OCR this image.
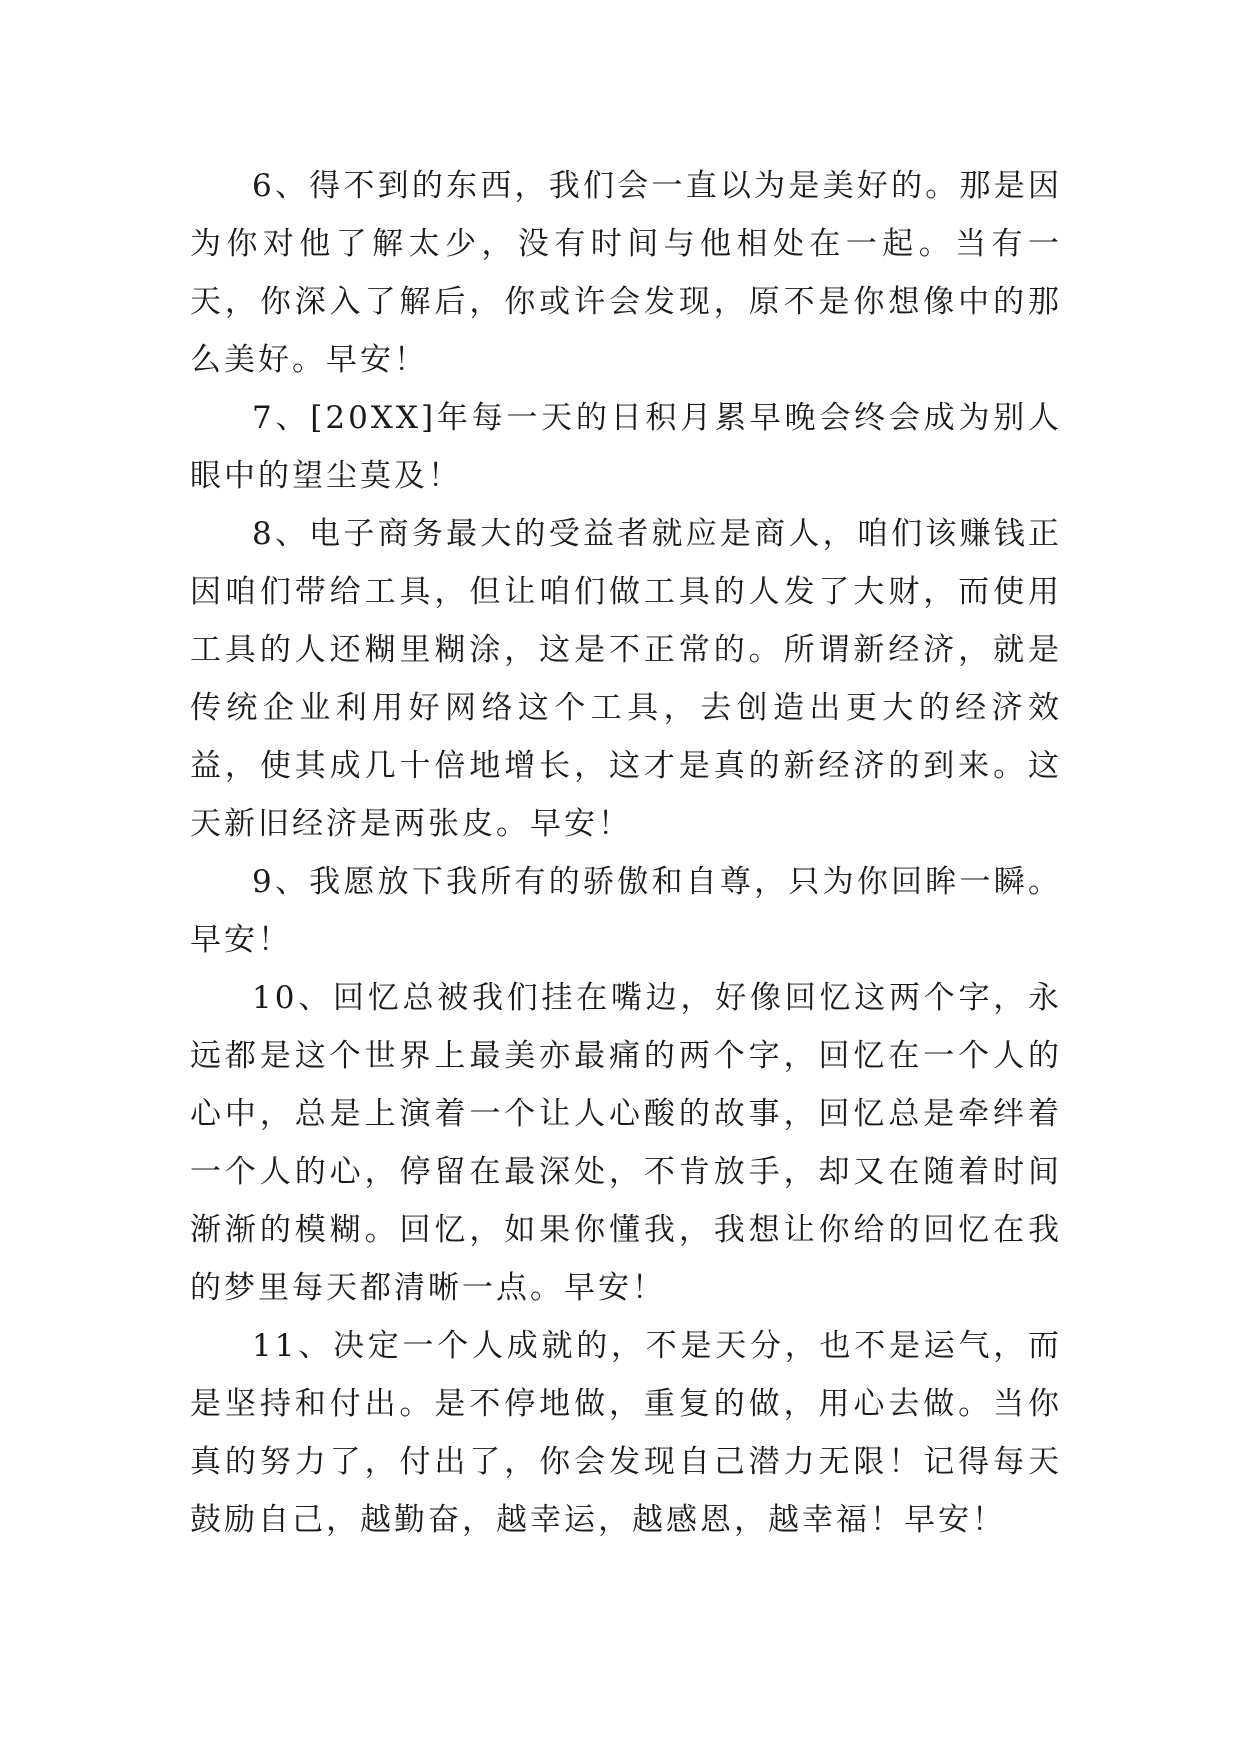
6、得不到的东西，我们会一直以为是美好的。那是因为你对他了解太少，没有时间与他相处在一起。当有一天，你深入了解后，你或许会发现，原不是你想像中的那么美好。早安！

7、[20XX]年每一天的日积月累早晚会终会成为别人眼中的望尘莫及！

8、电子商务最大的受益者就应是商人，咱们该赚钱正因咱们带给工具，但让咱们做工具的人发了大财，而使用工具的人还糊里糊涂，这是不正常的。所谓新经济，就是传统企业利用好网络这个工具，去创造出更大的经济效益，使其成几十倍地增长，这才是真的新经济的到来。这天新旧经济是两张皮。早安！

9、我愿放下我所有的骄傲和自尊，只为你回眸一瞬。早安！

10、回忆总被我们挂在嘴边，好像回忆这两个字，永远都是这个世界上最美亦最痛的两个字，回忆在一个人的心中，总是上演着一个让人心酸的故事，回忆总是牵绊着一个人的心，停留在最深处，不肯放手，却又在随着时间渐渐的模糊。回忆，如果你懂我，我想让你给的回忆在我的梦里每天都清晰一点。早安！

11、决定一个人成就的，不是天分，也不是运气，而是坚持和付出。是不停地做，重复的做，用心去做。当你真的努力了，付出了，你会发现自己潜力无限！记得每天鼓励自己，越勤奋，越幸运，越感恩，越幸福！早安！
